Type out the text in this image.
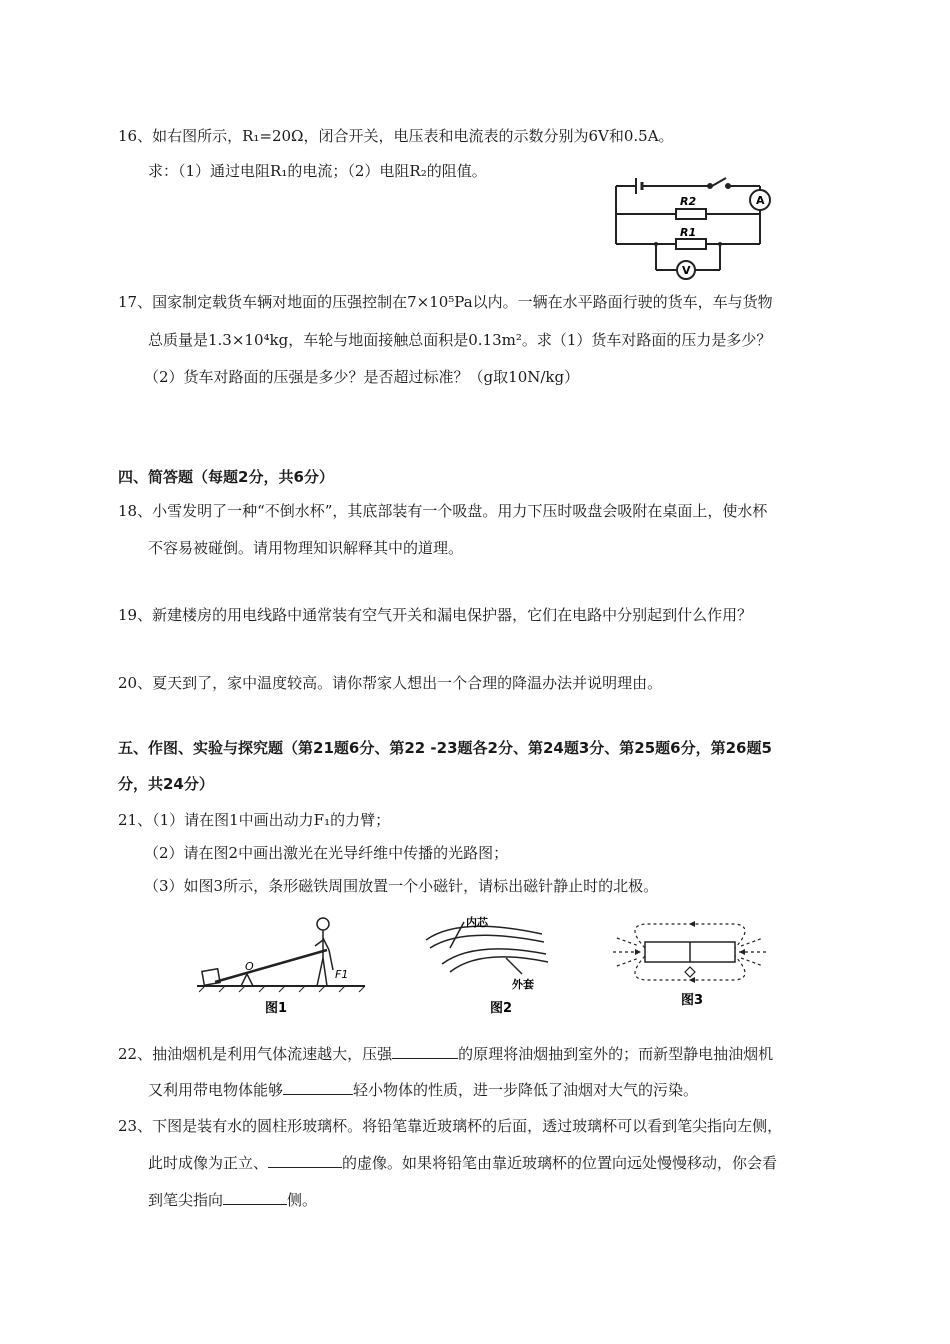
16、如右图所示，R₁=20Ω，闭合开关，电压表和电流表的示数分别为6V和0.5A。
求：（1）通过电阻R₁的电流；（2）电阻R₂的阻值。
R2
R1
A
V
17、国家制定载货车辆对地面的压强控制在7×10⁵Pa以内。一辆在水平路面行驶的货车，车与货物
总质量是1.3×10⁴kg，车轮与地面接触总面积是0.13m²。求（1）货车对路面的压力是多少？
（2）货车对路面的压强是多少？是否超过标准？（g取10N/kg）
四、简答题（每题2分，共6分）
18、小雪发明了一种“不倒水杯”，其底部装有一个吸盘。用力下压时吸盘会吸附在桌面上，使水杯
不容易被碰倒。请用物理知识解释其中的道理。
19、新建楼房的用电线路中通常装有空气开关和漏电保护器，它们在电路中分别起到什么作用？
20、夏天到了，家中温度较高。请你帮家人想出一个合理的降温办法并说明理由。
五、作图、实验与探究题（第21题6分、第22 -23题各2分、第24题3分、第25题6分，第26题5
分，共24分）
21、（1）请在图1中画出动力F₁的力臂；
（2）请在图2中画出激光在光导纤维中传播的光路图；
（3）如图3所示，条形磁铁周围放置一个小磁针，请标出磁针静止时的北极。
O
F1
图1
内芯
外套
图2
图3
22、抽油烟机是利用气体流速越大，压强	的原理将油烟抽到室外的；而新型静电抽油烟机
又利用带电物体能够	轻小物体的性质，进一步降低了油烟对大气的污染。
23、下图是装有水的圆柱形玻璃杯。将铅笔靠近玻璃杯的后面，透过玻璃杯可以看到笔尖指向左侧，
此时成像为正立、	的虚像。如果将铅笔由靠近玻璃杯的位置向远处慢慢移动，你会看
到笔尖指向	侧。
